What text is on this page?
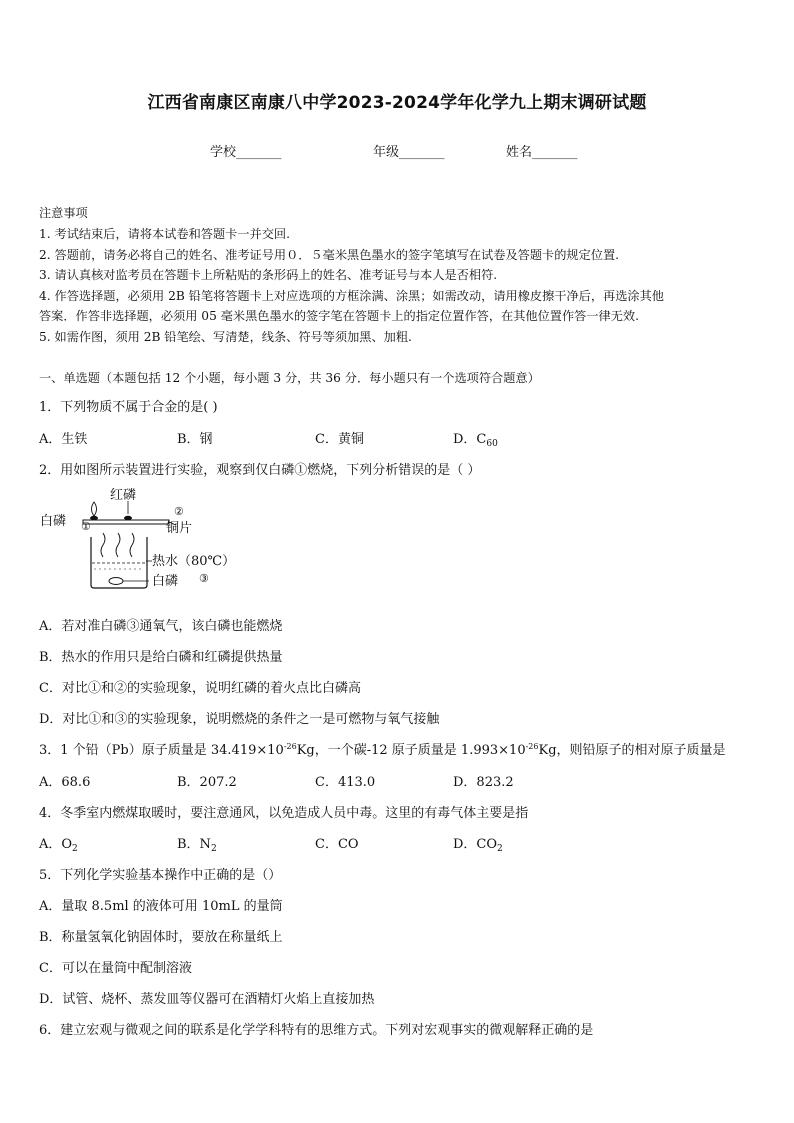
江西省南康区南康八中学2023-2024学年化学九上期末调研试题
学校_______	年级_______	姓名_______
注意事项
1. 考试结束后，请将本试卷和答题卡一并交回.
2. 答题前，请务必将自己的姓名、准考证号用０．５毫米黑色墨水的签字笔填写在试卷及答题卡的规定位置.
3. 请认真核对监考员在答题卡上所粘贴的条形码上的姓名、准考证号与本人是否相符.
4. 作答选择题，必须用 2B 铅笔将答题卡上对应选项的方框涂满、涂黑；如需改动，请用橡皮擦干净后，再选涂其他
答案．作答非选择题，必须用 05 毫米黑色墨水的签字笔在答题卡上的指定位置作答，在其他位置作答一律无效.
5. 如需作图，须用 2B 铅笔绘、写清楚，线条、符号等须加黑、加粗.
一、单选题（本题包括 12 个小题，每小题 3 分，共 36 分．每小题只有一个选项符合题意）
1．下列物质不属于合金的是( )
A．生铁	B．钢	C．黄铜	D．$C_{60}$
2．用如图所示装置进行实验，观察到仅白磷①燃烧，下列分析错误的是（ ）
红磷
白磷 ①
②
铜片
热水（80℃）
白磷 ③
A．若对准白磷③通氧气，该白磷也能燃烧
B．热水的作用只是给白磷和红磷提供热量
C．对比①和②的实验现象，说明红磷的着火点比白磷高
D．对比①和③的实验现象，说明燃烧的条件之一是可燃物与氧气接触
3．1 个铅（Pb）原子质量是 $34.419\times 10^{-26}Kg$，一个碳-12 原子质量是 $1.993\times 10^{-26}Kg$，则铅原子的相对原子质量是
A．68.6	B．207.2	C．413.0	D．823.2
4．冬季室内燃煤取暖时，要注意通风，以免造成人员中毒。这里的有毒气体主要是指
A．$O_2$	B．$N_2$	C．CO	D．$CO_2$
5．下列化学实验基本操作中正确的是（）
A．量取 8.5ml 的液体可用 10mL 的量筒
B．称量氢氧化钠固体时，要放在称量纸上
C．可以在量筒中配制溶液
D．试管、烧杯、蒸发皿等仪器可在酒精灯火焰上直接加热
6．建立宏观与微观之间的联系是化学学科特有的思维方式。下列对宏观事实的微观解释正确的是
